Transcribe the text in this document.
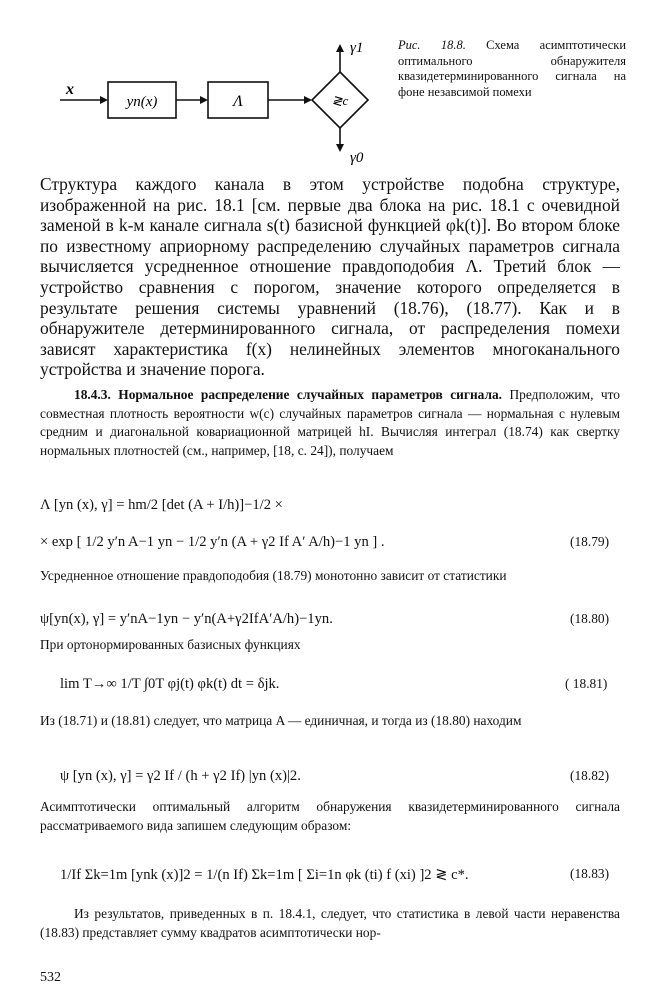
x
yn(x)	Λ	≷c
γ1
γ0
Рис. 18.8. Схема асимптотически оптимального обнаружителя квазидетерминированного сигнала на фоне незавсимой помехи
Структура каждого канала в этом устройстве подобна структуре, изображенной на рис. 18.1 [см. первые два блока на рис. 18.1 с очевидной заменой в k-м канале сигнала s(t) базисной функцией φk(t)]. Во втором блоке по известному априорному распределению случайных параметров сигнала вычисляется усредненное отношение правдоподобия Λ. Третий блок — устройство сравнения с порогом, значение которого определяется в результате решения системы уравнений (18.76), (18.77). Как и в обнаружителе детерминированного сигнала, от распределения помехи зависят характеристика f(x) нелинейных элементов многоканального устройства и значение порога.
18.4.3. Нормальное распределение случайных параметров сигнала. Предположим, что совместная плотность вероятности w(c) случайных параметров сигнала — нормальная с нулевым средним и диагональной ковариационной матрицей hI. Вычисляя интеграл (18.74) как свертку нормальных плотностей (см., например, [18, с. 24]), получаем
Λ [yn (x), γ] = hm/2 [det (A + I/h)]−1/2 ×
× exp [ 1/2 y′n A−1 yn − 1/2 y′n (A + γ2 If A′ A/h)−1 yn ] .	(18.79)
Усредненное отношение правдоподобия (18.79) монотонно зависит от статистики
ψ[yn(x), γ] = y′nA−1yn − y′n(A+γ2IfA′A/h)−1yn.	(18.80)
При ортонормированных базисных функциях
lim T→∞ 1/T ∫0T φj(t) φk(t) dt = δjk.	( 18.81)
Из (18.71) и (18.81) следует, что матрица A — единичная, и тогда из (18.80) находим
ψ [yn (x), γ] = γ2 If / (h + γ2 If) |yn (x)|2.	(18.82)
Асимптотически оптимальный алгоритм обнаружения квазидетерминированного сигнала рассматриваемого вида запишем следующим образом:
1/If Σk=1m [ynk (x)]2 = 1/(n If) Σk=1m [ Σi=1n φk (ti) f (xi) ]2 ≷ c*.	(18.83)
Из результатов, приведенных в п. 18.4.1, следует, что статистика в левой части неравенства (18.83) представляет сумму квадратов асимптотически нор-
532
